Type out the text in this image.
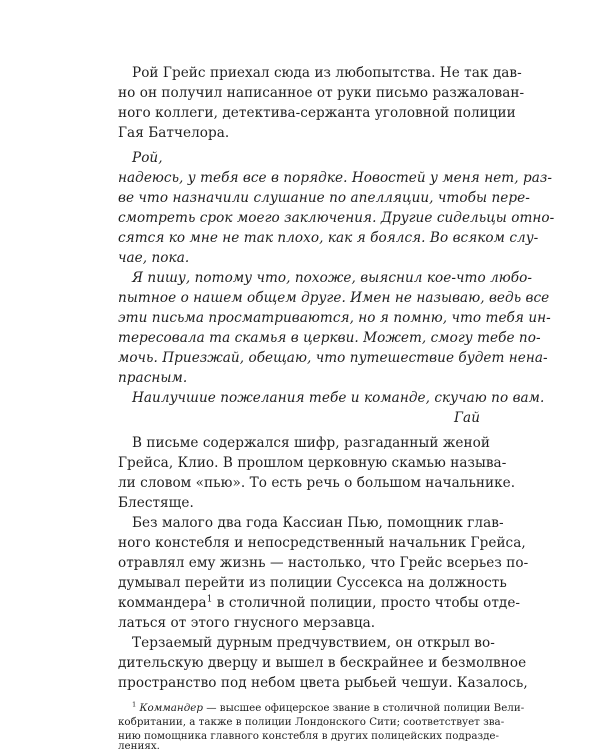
Рой Грейс приехал сюда из любопытства. Не так дав-
но он получил написанное от руки письмо разжалован-
ного коллеги, детектива-сержанта уголовной полиции
Гая Батчелора.
Рой,
надеюсь, у тебя все в порядке. Новостей у меня нет, раз-
ве что назначили слушание по апелляции, чтобы пере-
смотреть срок моего заключения. Другие сидельцы отно-
сятся ко мне не так плохо, как я боялся. Во всяком слу-
чае, пока.
Я пишу, потому что, похоже, выяснил кое-что любо-
пытное о нашем общем друге. Имен не называю, ведь все
эти письма просматриваются, но я помню, что тебя ин-
тересовала та скамья в церкви. Может, смогу тебе по-
мочь. Приезжай, обещаю, что путешествие будет нена-
прасным.
Наилучшие пожелания тебе и команде, скучаю по вам.
Гай
В письме содержался шифр, разгаданный женой
Грейса, Клио. В прошлом церковную скамью называ-
ли словом «пью». То есть речь о большом начальнике.
Блестяще.
Без малого два года Кассиан Пью, помощник глав-
ного констебля и непосредственный начальник Грейса,
отравлял ему жизнь — настолько, что Грейс всерьез по-
думывал перейти из полиции Суссекса на должность
коммандера$^1$ в столичной полиции, просто чтобы отде-
латься от этого гнусного мерзавца.
Терзаемый дурным предчувствием, он открыл во-
дительскую дверцу и вышел в бескрайнее и безмолвное
пространство под небом цвета рыбьей чешуи. Казалось,
$^1$ Коммандер — высшее офицерское звание в столичной полиции Вели-
кобритании, а также в полиции Лондонского Сити; соответствует зва-
нию помощника главного констебля в других полицейских подразде-
лениях.
